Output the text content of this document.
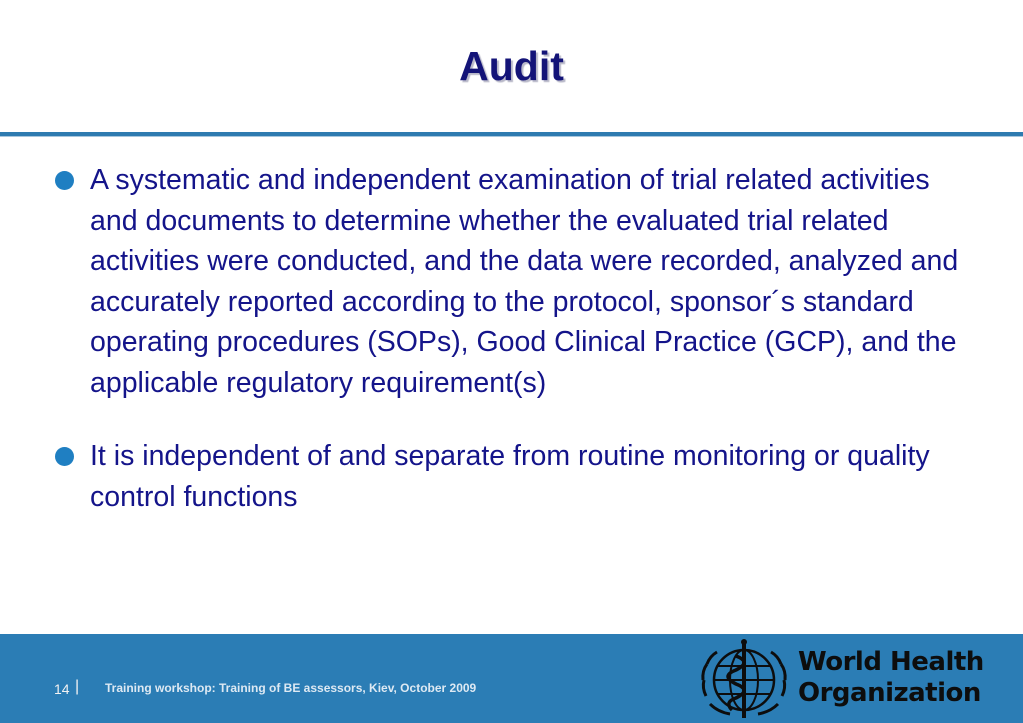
Audit
A systematic and independent examination of trial related activities and documents to determine whether the evaluated trial related activities were conducted, and the data were recorded, analyzed and accurately reported according to the protocol, sponsor´s standard operating procedures (SOPs), Good Clinical Practice (GCP), and the applicable regulatory requirement(s)
It is independent of and separate from routine monitoring or quality control functions
14 | Training workshop: Training of BE assessors, Kiev, October 2009
World Health
Organization
